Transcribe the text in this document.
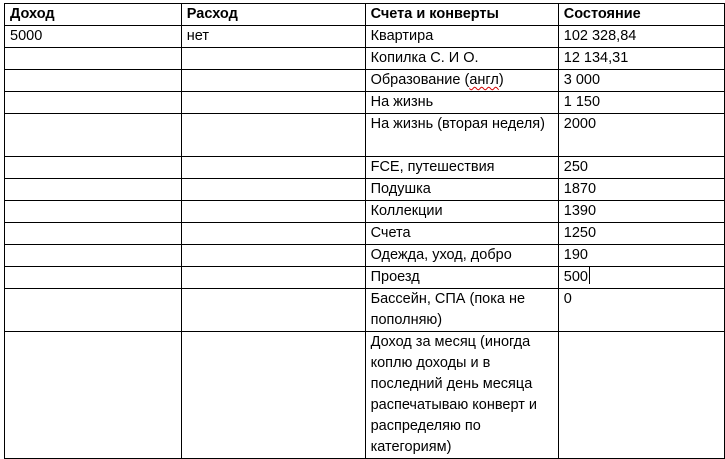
Доход	Расход	Счета и конверты	Состояние
5000	нет	Квартира	102 328,84
		Копилка С. И О.	12 134,31
		Образование (англ)	3 000
		На жизнь	1 150
		На жизнь (вторая неделя)	2000
		FCE, путешествия	250
		Подушка	1870
		Коллекции	1390
		Счета	1250
		Одежда, уход, добро	190
		Проезд	500
		Бассейн, СПА (пока не пополняю)	0
		Доход за месяц (иногда коплю доходы и в последний день месяца распечатываю конверт и распределяю по категориям)	
